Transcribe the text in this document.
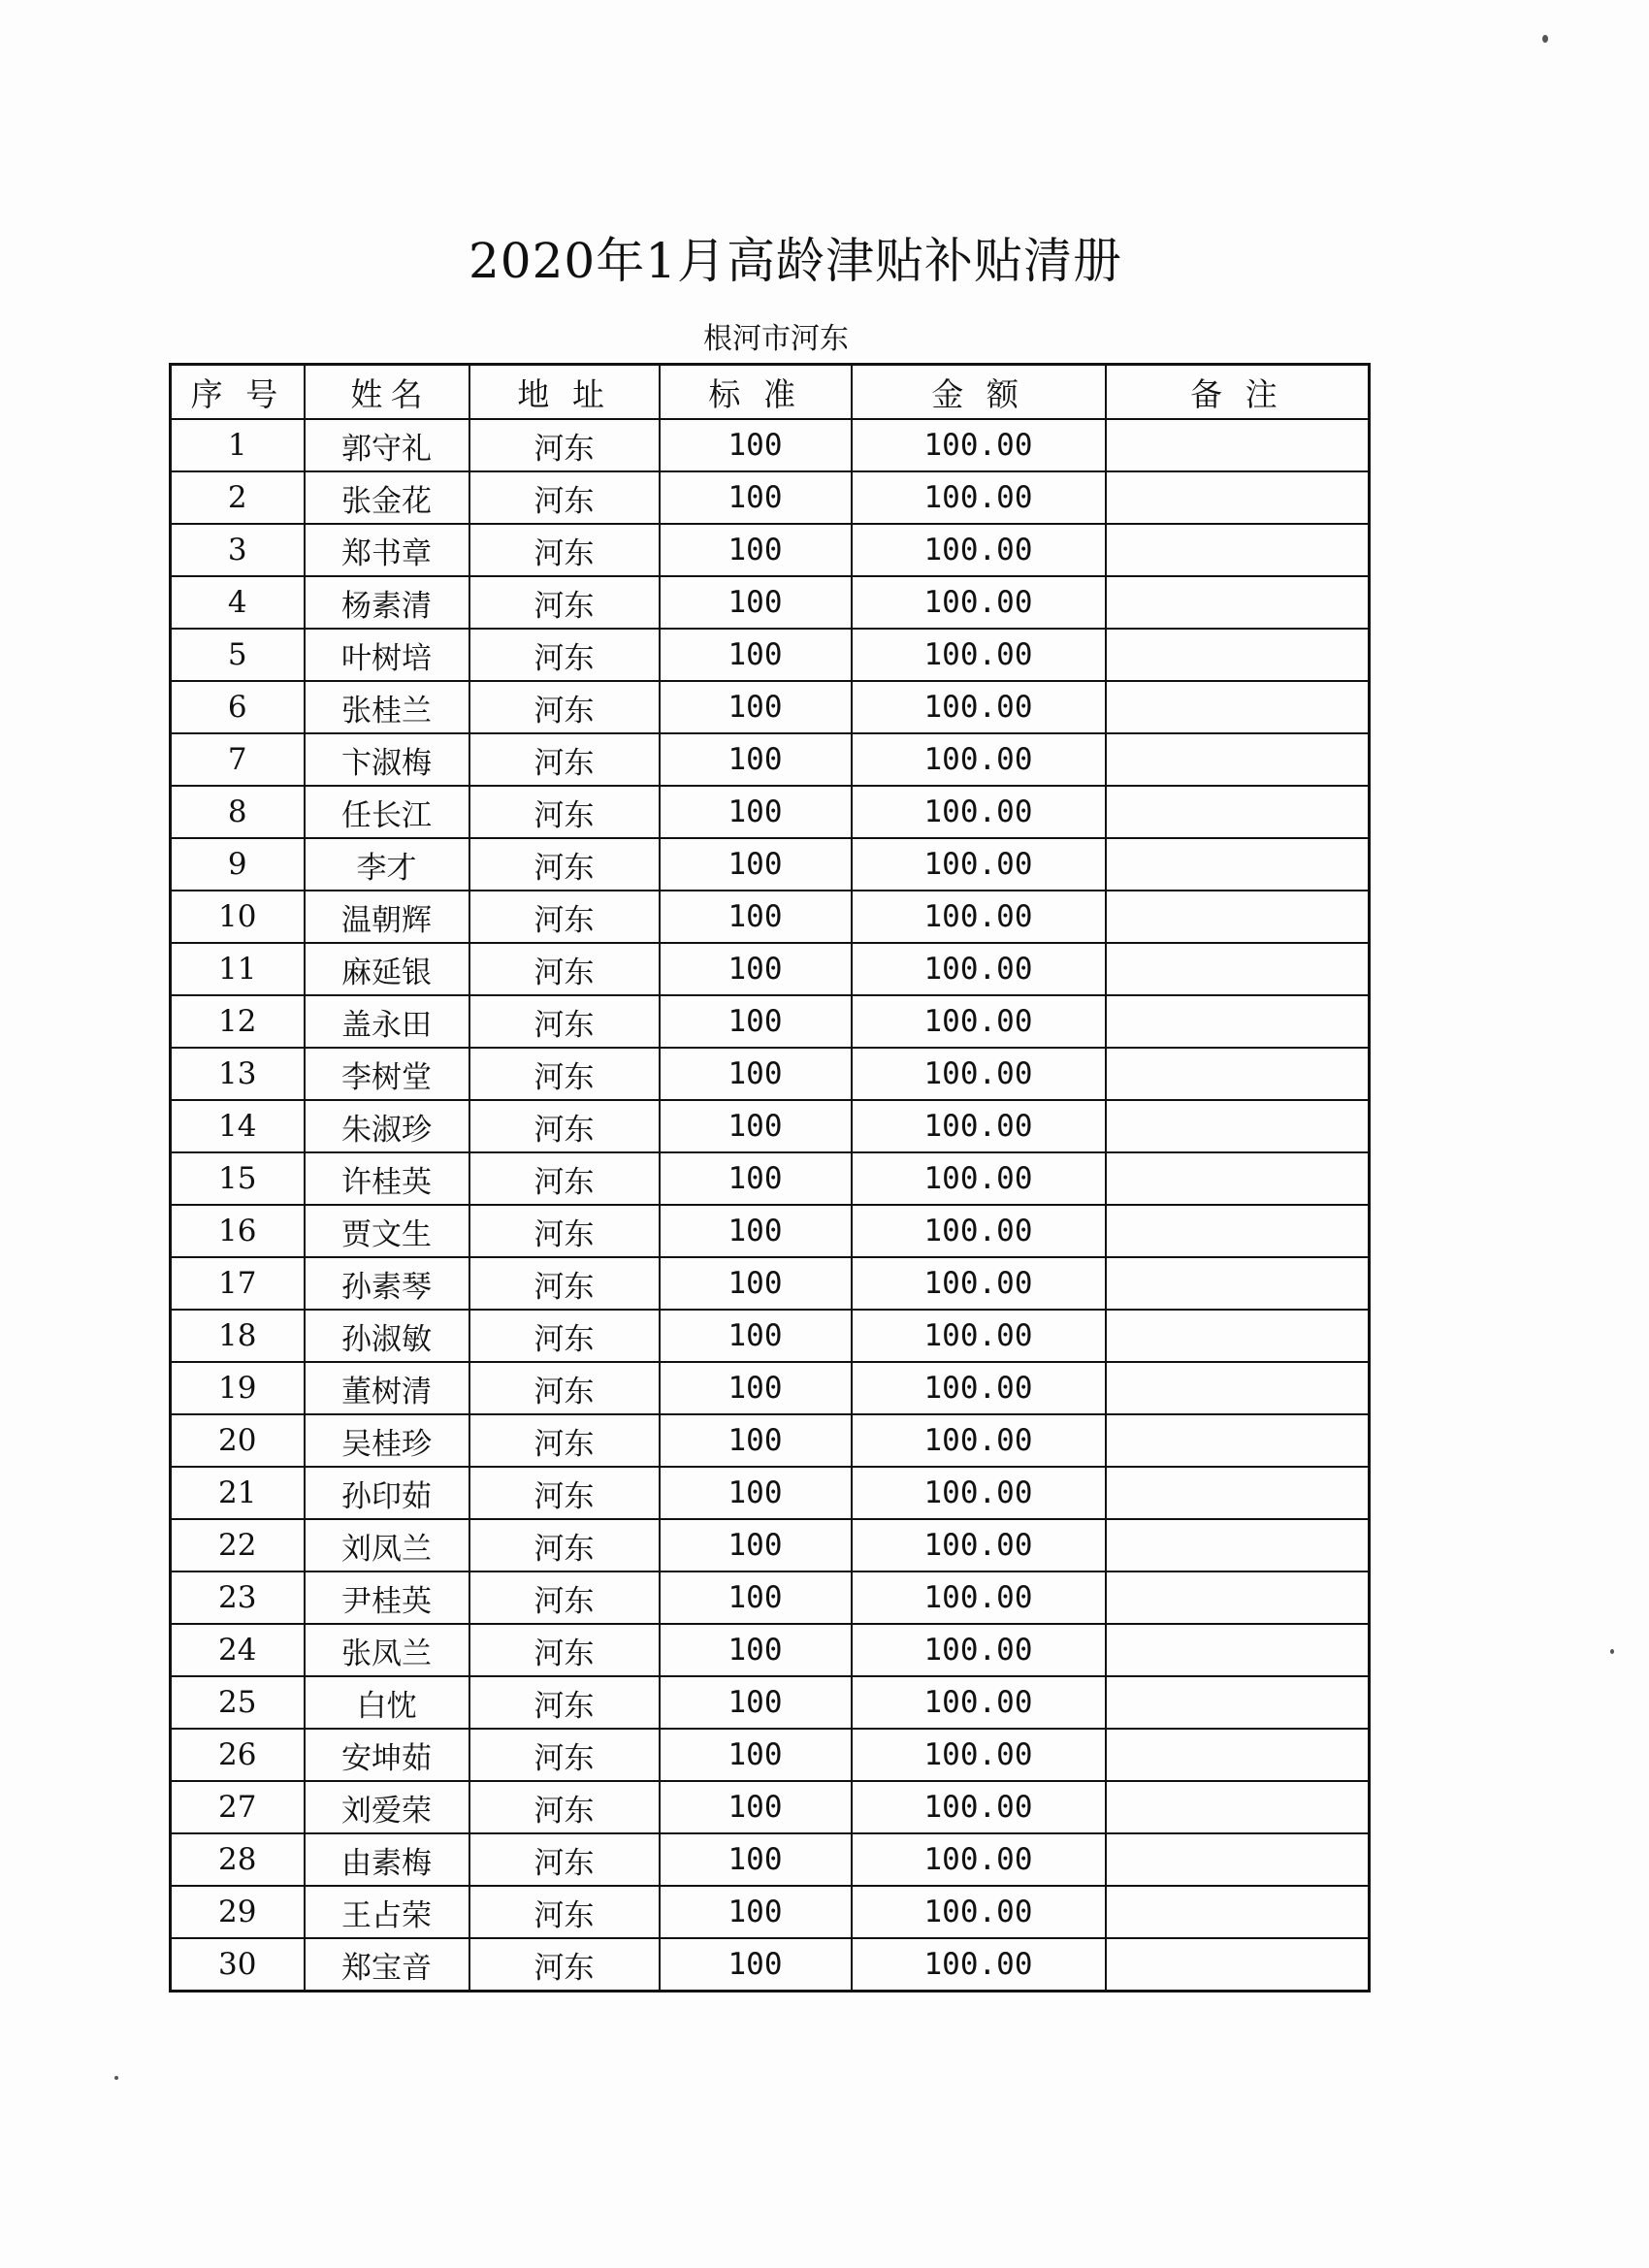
2020年1月高龄津贴补贴清册
根河市河东
序 号	姓名	地 址	标 准	金 额	备 注
1	郭守礼	河东	100	100.00	
2	张金花	河东	100	100.00	
3	郑书章	河东	100	100.00	
4	杨素清	河东	100	100.00	
5	叶树培	河东	100	100.00	
6	张桂兰	河东	100	100.00	
7	卞淑梅	河东	100	100.00	
8	任长江	河东	100	100.00	
9	李才	河东	100	100.00	
10	温朝辉	河东	100	100.00	
11	麻延银	河东	100	100.00	
12	盖永田	河东	100	100.00	
13	李树堂	河东	100	100.00	
14	朱淑珍	河东	100	100.00	
15	许桂英	河东	100	100.00	
16	贾文生	河东	100	100.00	
17	孙素琴	河东	100	100.00	
18	孙淑敏	河东	100	100.00	
19	董树清	河东	100	100.00	
20	吴桂珍	河东	100	100.00	
21	孙印茹	河东	100	100.00	
22	刘凤兰	河东	100	100.00	
23	尹桂英	河东	100	100.00	
24	张凤兰	河东	100	100.00	
25	白忱	河东	100	100.00	
26	安坤茹	河东	100	100.00	
27	刘爱荣	河东	100	100.00	
28	由素梅	河东	100	100.00	
29	王占荣	河东	100	100.00	
30	郑宝音	河东	100	100.00	
